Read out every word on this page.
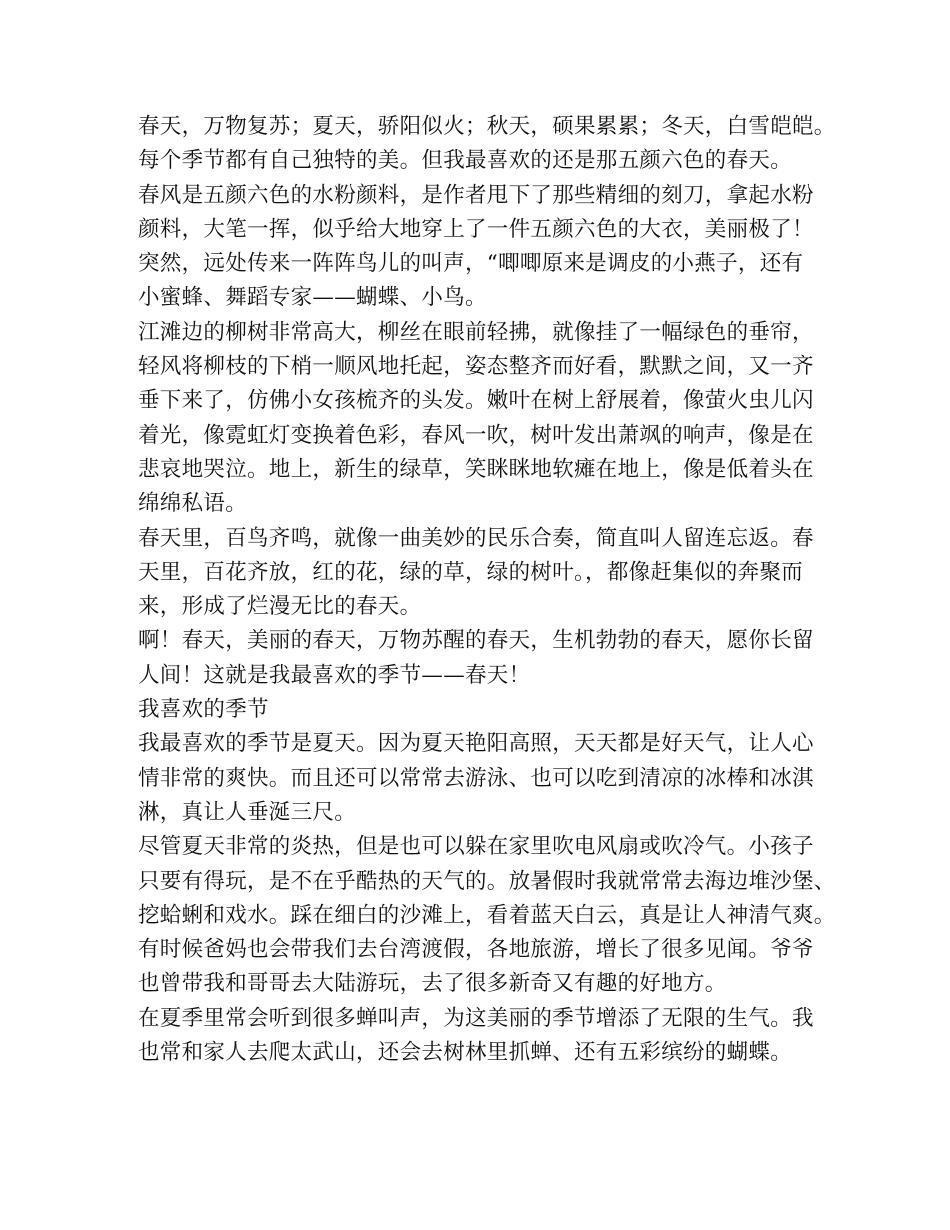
春天，万物复苏；夏天，骄阳似火；秋天，硕果累累；冬天，白雪皑皑。
每个季节都有自己独特的美。但我最喜欢的还是那五颜六色的春天。
春风是五颜六色的水粉颜料，是作者甩下了那些精细的刻刀，拿起水粉
颜料，大笔一挥，似乎给大地穿上了一件五颜六色的大衣，美丽极了！
突然，远处传来一阵阵鸟儿的叫声，“唧唧原来是调皮的小燕子，还有
小蜜蜂、舞蹈专家——蝴蝶、小鸟。
江滩边的柳树非常高大，柳丝在眼前轻拂，就像挂了一幅绿色的垂帘，
轻风将柳枝的下梢一顺风地托起，姿态整齐而好看，默默之间，又一齐
垂下来了，仿佛小女孩梳齐的头发。嫩叶在树上舒展着，像萤火虫儿闪
着光，像霓虹灯变换着色彩，春风一吹，树叶发出萧飒的响声，像是在
悲哀地哭泣。地上，新生的绿草，笑眯眯地软瘫在地上，像是低着头在
绵绵私语。
春天里，百鸟齐鸣，就像一曲美妙的民乐合奏，简直叫人留连忘返。春
天里，百花齐放，红的花，绿的草，绿的树叶。，都像赶集似的奔聚而
来，形成了烂漫无比的春天。
啊！春天，美丽的春天，万物苏醒的春天，生机勃勃的春天，愿你长留
人间！这就是我最喜欢的季节——春天！
我喜欢的季节
我最喜欢的季节是夏天。因为夏天艳阳高照，天天都是好天气，让人心
情非常的爽快。而且还可以常常去游泳、也可以吃到清凉的冰棒和冰淇
淋，真让人垂涎三尺。
尽管夏天非常的炎热，但是也可以躲在家里吹电风扇或吹冷气。小孩子
只要有得玩，是不在乎酷热的天气的。放暑假时我就常常去海边堆沙堡、
挖蛤蜊和戏水。踩在细白的沙滩上，看着蓝天白云，真是让人神清气爽。
有时候爸妈也会带我们去台湾渡假，各地旅游，增长了很多见闻。爷爷
也曾带我和哥哥去大陆游玩，去了很多新奇又有趣的好地方。
在夏季里常会听到很多蝉叫声，为这美丽的季节增添了无限的生气。我
也常和家人去爬太武山，还会去树林里抓蝉、还有五彩缤纷的蝴蝶。
